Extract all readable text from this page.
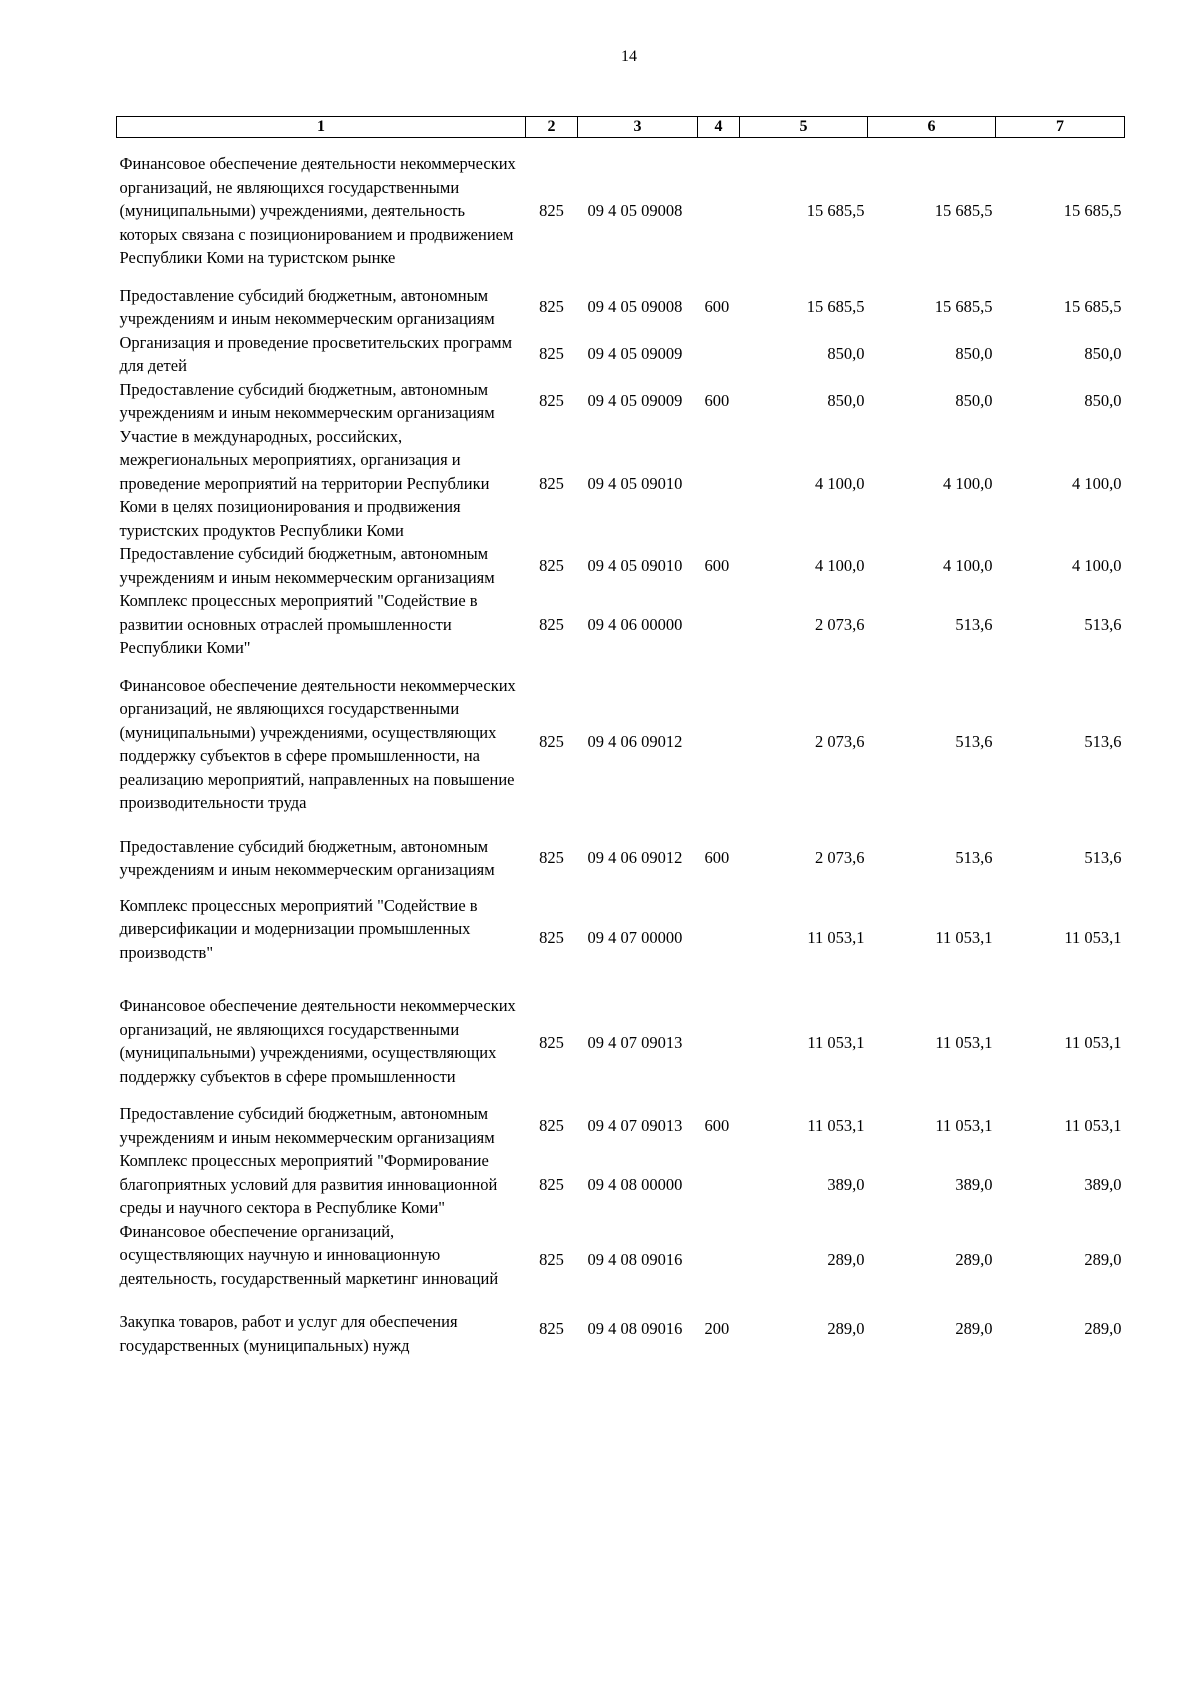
14
1	2	3	4	5	6	7
Финансовое обеспечение деятельности некоммерческих организаций, не являющихся государственными (муниципальными) учреждениями, деятельность которых связана с позиционированием и продвижением Республики Коми на туристском рынке	825	09 4 05 09008		15 685,5	15 685,5	15 685,5
Предоставление субсидий бюджетным, автономным учреждениям и иным некоммерческим организациям	825	09 4 05 09008	600	15 685,5	15 685,5	15 685,5
Организация и проведение просветительских программ для детей	825	09 4 05 09009		850,0	850,0	850,0
Предоставление субсидий бюджетным, автономным учреждениям и иным некоммерческим организациям	825	09 4 05 09009	600	850,0	850,0	850,0
Участие в международных, российских, межрегиональных мероприятиях, организация и проведение мероприятий на территории Республики Коми в целях позиционирования и продвижения туристских продуктов Республики Коми	825	09 4 05 09010		4 100,0	4 100,0	4 100,0
Предоставление субсидий бюджетным, автономным учреждениям и иным некоммерческим организациям	825	09 4 05 09010	600	4 100,0	4 100,0	4 100,0
Комплекс процессных мероприятий "Содействие в развитии основных отраслей промышленности Республики Коми"	825	09 4 06 00000		2 073,6	513,6	513,6
Финансовое обеспечение деятельности некоммерческих организаций, не являющихся государственными (муниципальными) учреждениями, осуществляющих поддержку субъектов в сфере промышленности, на реализацию мероприятий, направленных на повышение производительности труда	825	09 4 06 09012		2 073,6	513,6	513,6
Предоставление субсидий бюджетным, автономным учреждениям и иным некоммерческим организациям	825	09 4 06 09012	600	2 073,6	513,6	513,6
Комплекс процессных мероприятий "Содействие в диверсификации и модернизации промышленных производств"	825	09 4 07 00000		11 053,1	11 053,1	11 053,1
Финансовое обеспечение деятельности некоммерческих организаций, не являющихся государственными (муниципальными) учреждениями, осуществляющих поддержку субъектов в сфере промышленности	825	09 4 07 09013		11 053,1	11 053,1	11 053,1
Предоставление субсидий бюджетным, автономным учреждениям и иным некоммерческим организациям	825	09 4 07 09013	600	11 053,1	11 053,1	11 053,1
Комплекс процессных мероприятий "Формирование благоприятных условий для развития инновационной среды и научного сектора в Республике Коми"	825	09 4 08 00000		389,0	389,0	389,0
Финансовое обеспечение организаций, осуществляющих научную и инновационную деятельность, государственный маркетинг инноваций	825	09 4 08 09016		289,0	289,0	289,0
Закупка товаров, работ и услуг для обеспечения государственных (муниципальных) нужд	825	09 4 08 09016	200	289,0	289,0	289,0
